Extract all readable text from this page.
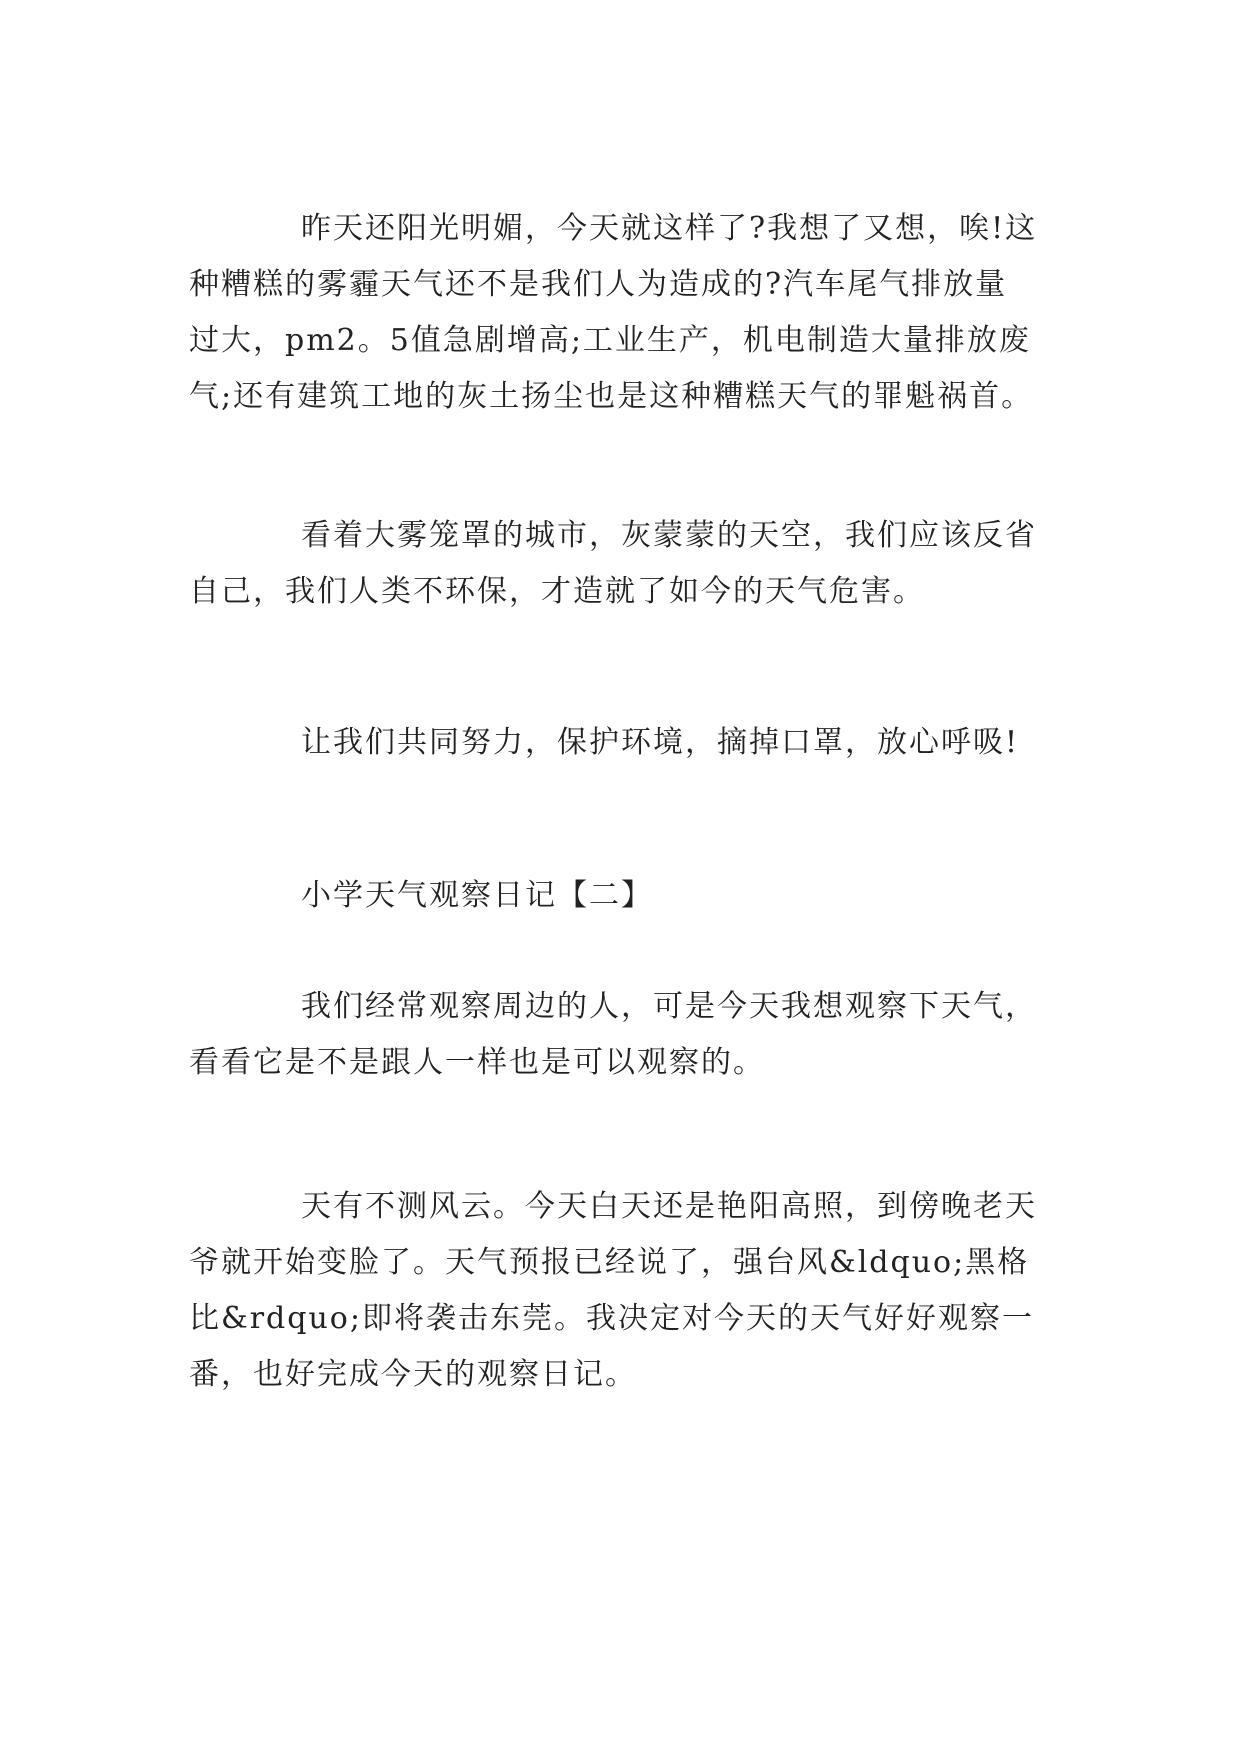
昨天还阳光明媚，今天就这样了?我想了又想，唉!这
种糟糕的雾霾天气还不是我们人为造成的?汽车尾气排放量
过大，pm2。5值急剧增高;工业生产，机电制造大量排放废
气;还有建筑工地的灰土扬尘也是这种糟糕天气的罪魁祸首。
看着大雾笼罩的城市，灰蒙蒙的天空，我们应该反省
自己，我们人类不环保，才造就了如今的天气危害。
让我们共同努力，保护环境，摘掉口罩，放心呼吸!
小学天气观察日记【二】
我们经常观察周边的人，可是今天我想观察下天气，
看看它是不是跟人一样也是可以观察的。
天有不测风云。今天白天还是艳阳高照，到傍晚老天
爷就开始变脸了。天气预报已经说了，强台风&ldquo;黑格
比&rdquo;即将袭击东莞。我决定对今天的天气好好观察一
番，也好完成今天的观察日记。
